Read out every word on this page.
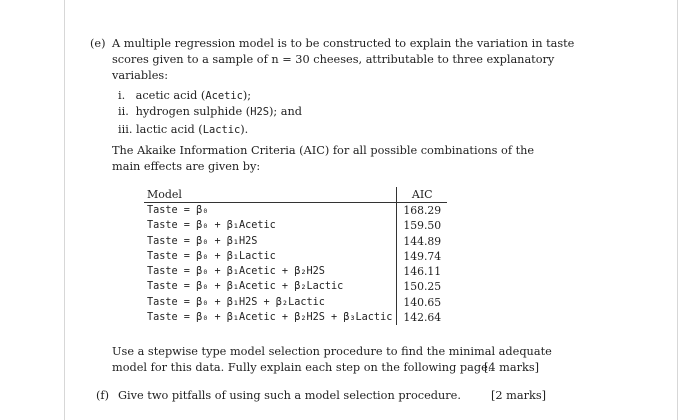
(e) A multiple regression model is to be constructed to explain the variation in taste
scores given to a sample of n = 30 cheeses, attributable to three explanatory
variables:
i. acetic acid (Acetic);
ii. hydrogen sulphide (H2S); and
iii. lactic acid (Lactic).
The Akaike Information Criteria (AIC) for all possible combinations of the
main effects are given by:
Model	AIC
Taste = β₀	168.29
Taste = β₀ + β₁Acetic	159.50
Taste = β₀ + β₁H2S	144.89
Taste = β₀ + β₁Lactic	149.74
Taste = β₀ + β₁Acetic + β₂H2S	146.11
Taste = β₀ + β₁Acetic + β₂Lactic	150.25
Taste = β₀ + β₁H2S + β₂Lactic	140.65
Taste = β₀ + β₁Acetic + β₂H2S + β₃Lactic	142.64
Use a stepwise type model selection procedure to find the minimal adequate
model for this data. Fully explain each step on the following page.
[4 marks]
(f) Give two pitfalls of using such a model selection procedure.	[2 marks]
